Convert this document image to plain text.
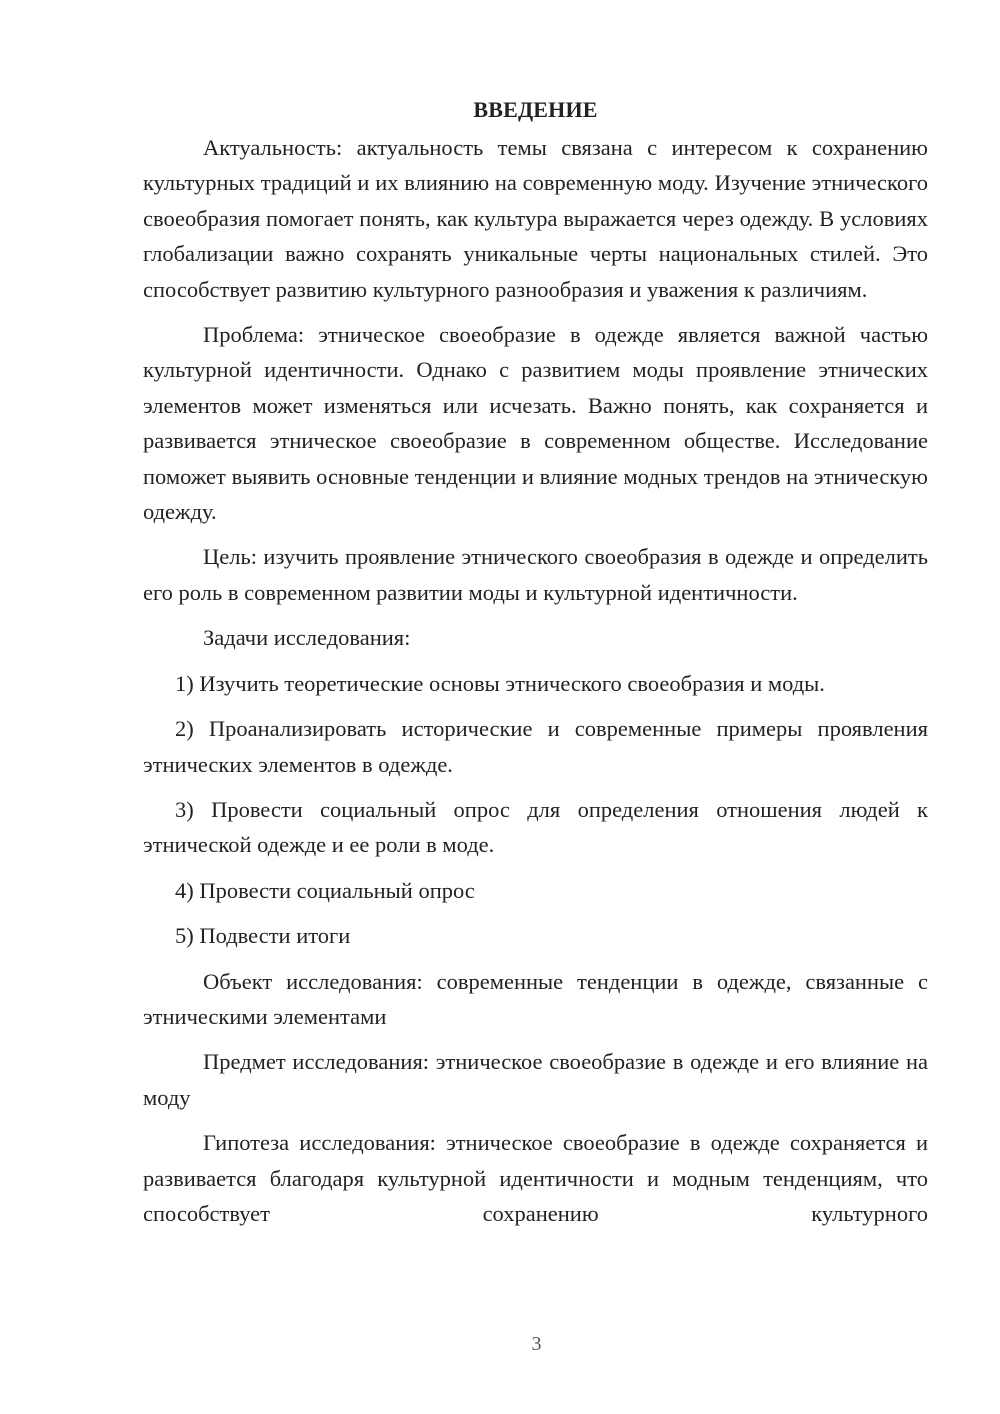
ВВЕДЕНИЕ

Актуальность: актуальность темы связана с интересом к сохранению культурных традиций и их влиянию на современную моду. Изучение этнического своеобразия помогает понять, как культура выражается через одежду. В условиях глобализации важно сохранять уникальные черты национальных стилей. Это способствует развитию культурного разнообразия и уважения к различиям.

Проблема: этническое своеобразие в одежде является важной частью культурной идентичности. Однако с развитием моды проявление этнических элементов может изменяться или исчезать. Важно понять, как сохраняется и развивается этническое своеобразие в современном обществе. Исследование поможет выявить основные тенденции и влияние модных трендов на этническую одежду.

Цель: изучить проявление этнического своеобразия в одежде и определить его роль в современном развитии моды и культурной идентичности.

Задачи исследования:

1) Изучить теоретические основы этнического своеобразия и моды.

2) Проанализировать исторические и современные примеры проявления этнических элементов в одежде.

3) Провести социальный опрос для определения отношения людей к этнической одежде и ее роли в моде.

4) Провести социальный опрос

5) Подвести итоги

Объект исследования: современные тенденции в одежде, связанные с этническими элементами

Предмет исследования: этническое своеобразие в одежде и его влияние на моду

Гипотеза исследования: этническое своеобразие в одежде сохраняется и развивается благодаря культурной идентичности и модным тенденциям, что способствует сохранению культурного

3
